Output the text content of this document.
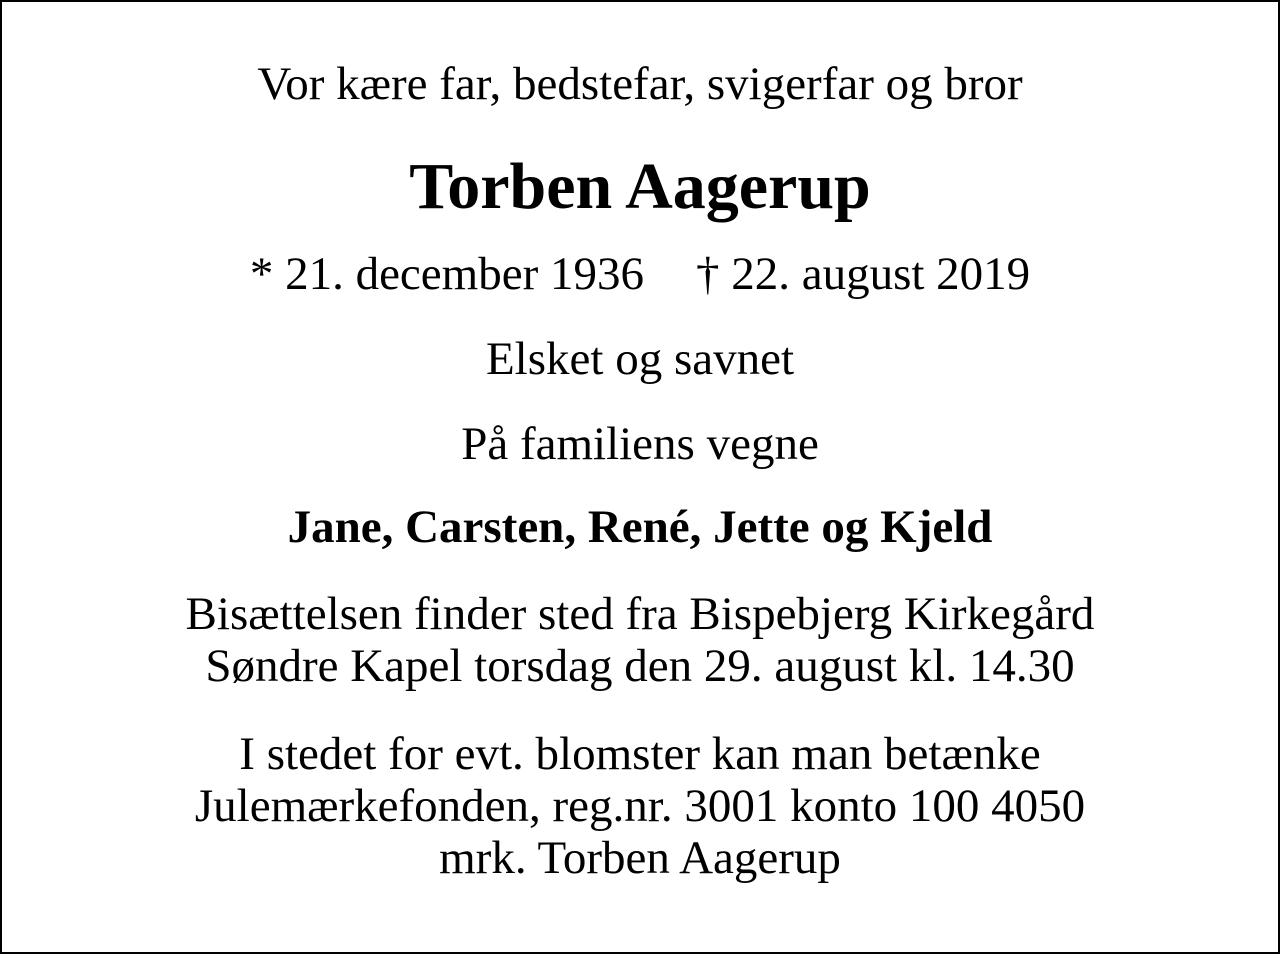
Vor kære far, bedstefar, svigerfar og bror
Torben Aagerup
* 21. december 1936 † 22. august 2019
Elsket og savnet
På familiens vegne
Jane, Carsten, René, Jette og Kjeld
Bisættelsen finder sted fra Bispebjerg Kirkegård
Søndre Kapel torsdag den 29. august kl. 14.30
I stedet for evt. blomster kan man betænke
Julemærkefonden, reg.nr. 3001 konto 100 4050
mrk. Torben Aagerup
